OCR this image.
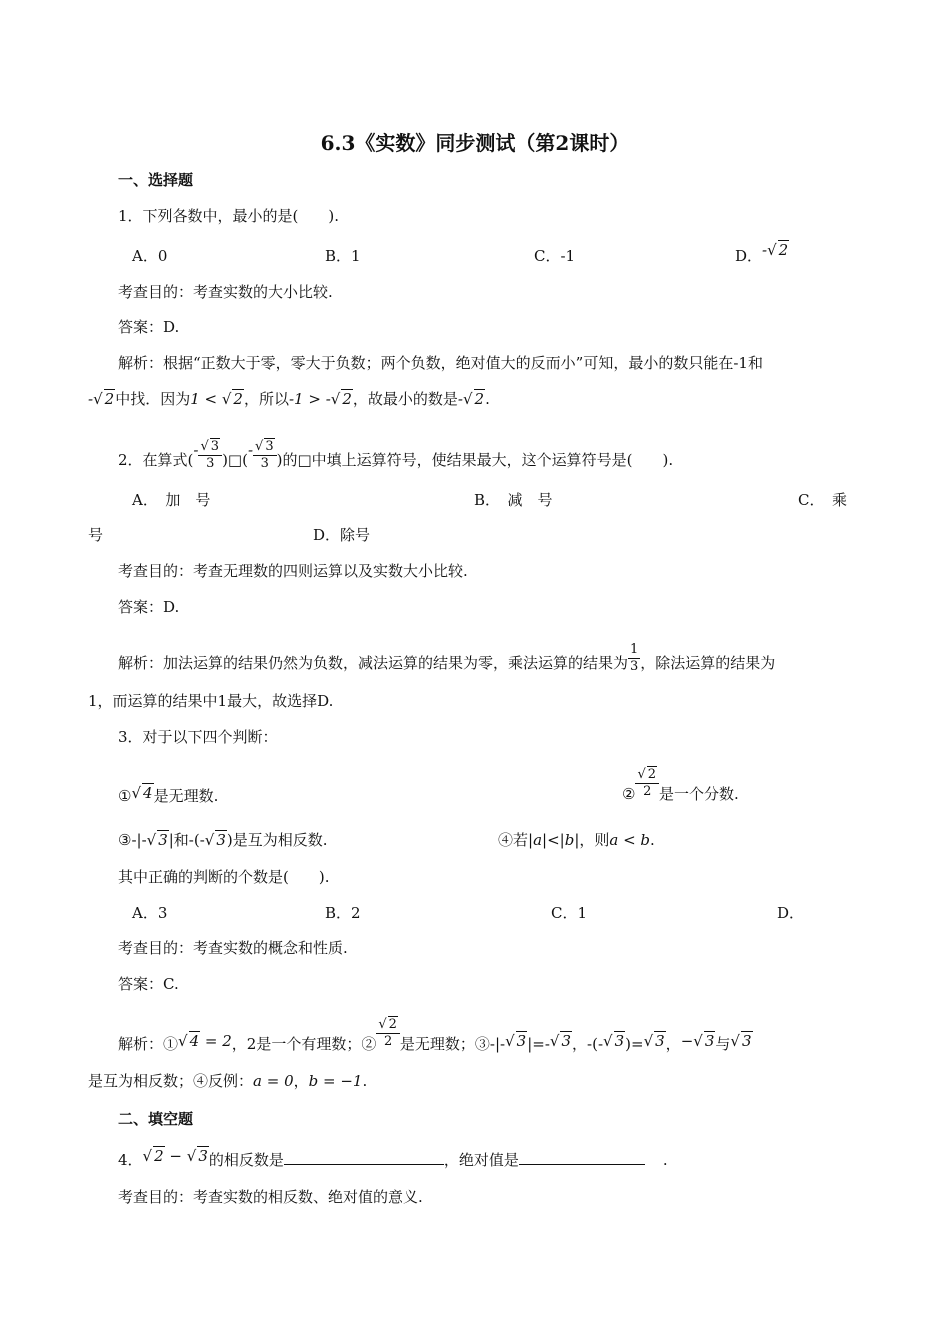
6.3《实数》同步测试（第2课时）
一、选择题
1．下列各数中，最小的是(　　).
A．0	B．1	C．-1	D．-√ 2
考查目的：考查实数的大小比较.
答案：D.
解析：根据“正数大于零，零大于负数；两个负数，绝对值大的反而小”可知，最小的数只能在-1和
-√ 2中找．因为1 < √ 2，所以-1 > -√ 2，故最小的数是-√ 2.
2．在算式(- $\frac{√ 3}{3}$ )□(- $\frac{√ 3}{3}$ )的□中填上运算符号，使结果最大，这个运算符号是(　　).
A．　加　号	B．　减　号	C．　乘
号	D．除号
考查目的：考查无理数的四则运算以及实数大小比较.
答案：D.
解析：加法运算的结果仍然为负数，减法运算的结果为零，乘法运算的结果为 $\frac{1}{3}$ ，除法运算的结果为
1，而运算的结果中1最大，故选择D.
3．对于以下四个判断：
①√ 4是无理数.	② $\frac{√ 2}{2}$ 是一个分数.
③-|-√ 3|和-(-√ 3)是互为相反数.	④若|a|<|b|，则a < b.
其中正确的判断的个数是(　　).
A．3	B．2	C．1	D．
考查目的：考查实数的概念和性质.
答案：C.
解析：①√ 4 = 2，2是一个有理数；② $\frac{√ 2}{2}$ 是无理数；③-|-√ 3|=-√ 3，-(-√ 3)=√ 3，−√ 3与√ 3
是互为相反数；④反例：a = 0，b = −1.
二、填空题
4．√ 2 − √ 3的相反数是	，绝对值是	.
考查目的：考查实数的相反数、绝对值的意义.
